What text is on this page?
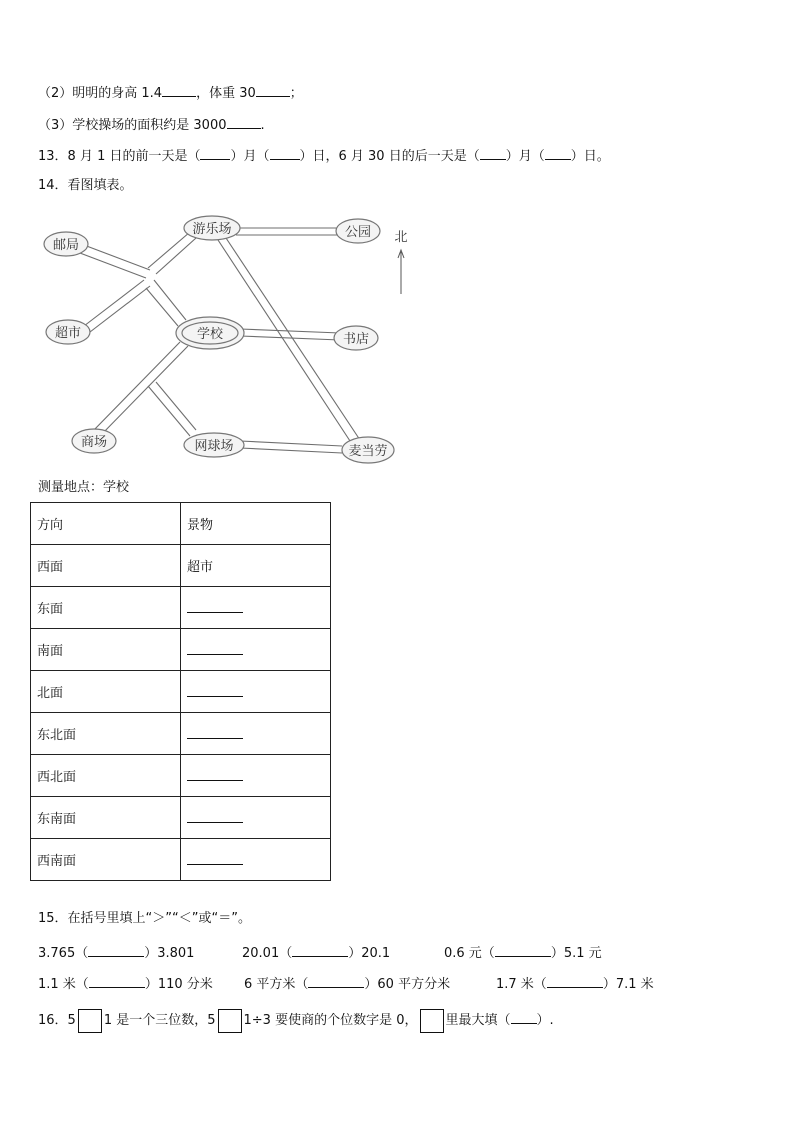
（2）明明的身高 1.4	，体重 30	；
（3）学校操场的面积约是 3000	.
13．8 月 1 日的前一天是（ ）月（ ）日，6 月 30 日的后一天是（ ）月（ ）日。
14．看图填表。
邮局
游乐场	公园
超市	学校	书店
商场	网球场	麦当劳
北
测量地点：学校
方向	景物
西面	超市
东面	
南面	
北面	
东北面	
西北面	
东南面	
西南面	
15．在括号里填上“＞”“＜”或“＝”。
3.765（	）3.801	20.01（	）20.1	0.6 元（	）5.1 元
1.1 米（	）110 分米 6 平方米（	）60 平方分米	1.7 米（	）7.1 米
16．5 1 是一个三位数，5 1÷3 要使商的个位数字是 0， 里最大填（ ）.
